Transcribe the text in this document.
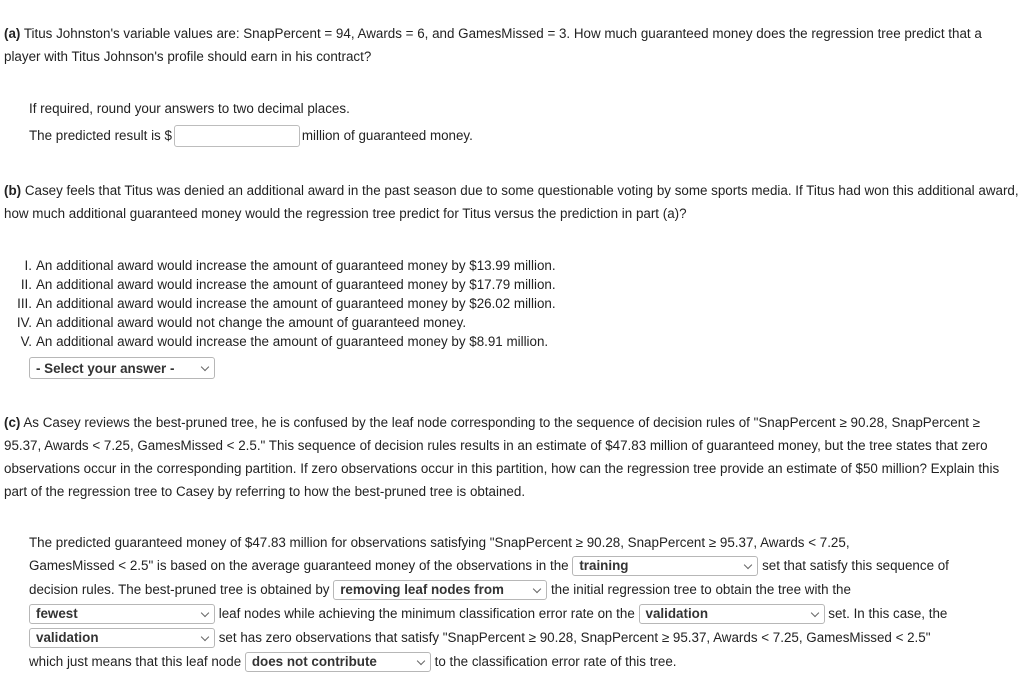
(a) Titus Johnston's variable values are: SnapPercent = 94, Awards = 6, and GamesMissed = 3. How much guaranteed money does the regression tree predict that a player with Titus Johnson's profile should earn in his contract?
If required, round your answers to two decimal places.
The predicted result is $	million of guaranteed money.
(b) Casey feels that Titus was denied an additional award in the past season due to some questionable voting by some sports media. If Titus had won this additional award, how much additional guaranteed money would the regression tree predict for Titus versus the prediction in part (a)?
I. An additional award would increase the amount of guaranteed money by $13.99 million.
II. An additional award would increase the amount of guaranteed money by $17.79 million.
III. An additional award would increase the amount of guaranteed money by $26.02 million.
IV. An additional award would not change the amount of guaranteed money.
V. An additional award would increase the amount of guaranteed money by $8.91 million.
- Select your answer -
(c) As Casey reviews the best-pruned tree, he is confused by the leaf node corresponding to the sequence of decision rules of "SnapPercent ≥ 90.28, SnapPercent ≥ 95.37, Awards < 7.25, GamesMissed < 2.5." This sequence of decision rules results in an estimate of $47.83 million of guaranteed money, but the tree states that zero observations occur in the corresponding partition. If zero observations occur in this partition, how can the regression tree provide an estimate of $50 million? Explain this part of the regression tree to Casey by referring to how the best-pruned tree is obtained.
The predicted guaranteed money of $47.83 million for observations satisfying "SnapPercent ≥ 90.28, SnapPercent ≥ 95.37, Awards < 7.25,
GamesMissed < 2.5" is based on the average guaranteed money of the observations in the training	set that satisfy this sequence of
decision rules. The best-pruned tree is obtained by removing leaf nodes from	the initial regression tree to obtain the tree with the
fewest	leaf nodes while achieving the minimum classification error rate on the validation	set. In this case, the
validation	set has zero observations that satisfy "SnapPercent ≥ 90.28, SnapPercent ≥ 95.37, Awards < 7.25, GamesMissed < 2.5"
which just means that this leaf node does not contribute	to the classification error rate of this tree.
